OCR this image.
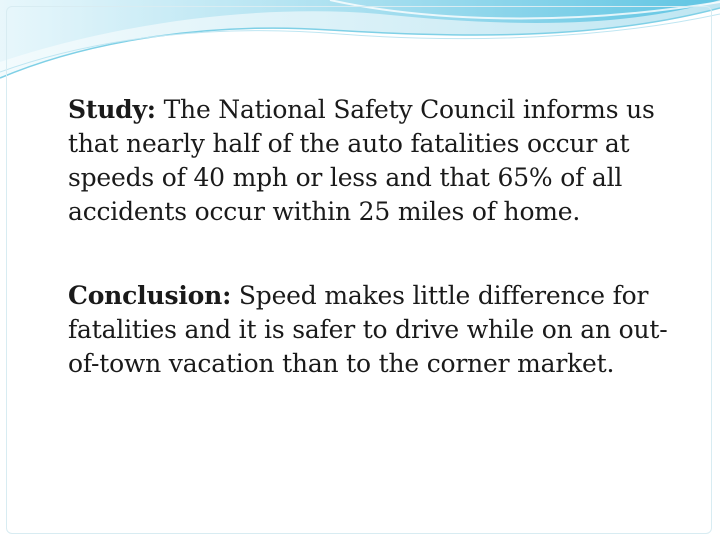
Study: The National Safety Council informs us that nearly half of the auto fatalities occur at speeds of 40 mph or less and that 65% of all accidents occur within 25 miles of home.

Conclusion: Speed makes little difference for fatalities and it is safer to drive while on an out-of-town vacation than to the corner market.
